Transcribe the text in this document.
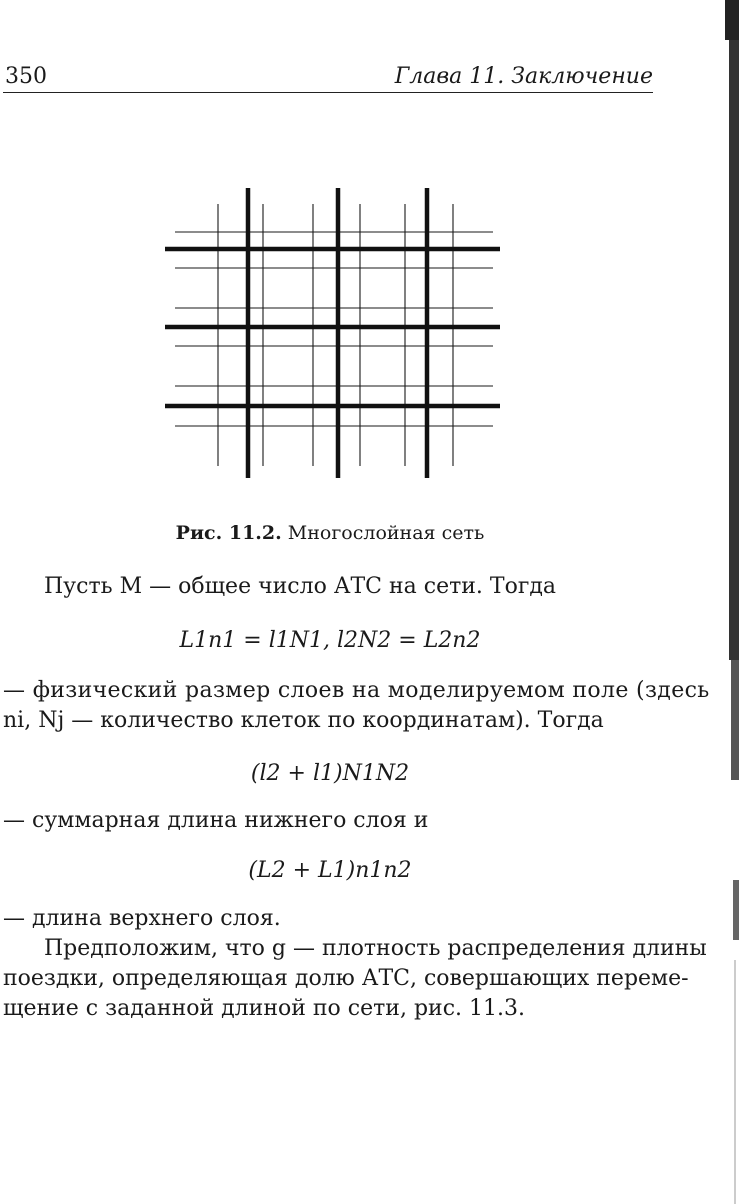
350	Глава 11. Заключение
Рис. 11.2. Многослойная сеть
Пусть M — общее число АТС на сети. Тогда
L1n1 = l1N1, l2N2 = L2n2
— физический размер слоев на моделируемом поле (здесь
ni, Nj — количество клеток по координатам). Тогда
(l2 + l1)N1N2
— суммарная длина нижнего слоя и
(L2 + L1)n1n2
— длина верхнего слоя.
Предположим, что g — плотность распределения длины
поездки, определяющая долю АТС, совершающих переме-
щение с заданной длиной по сети, рис. 11.3.
